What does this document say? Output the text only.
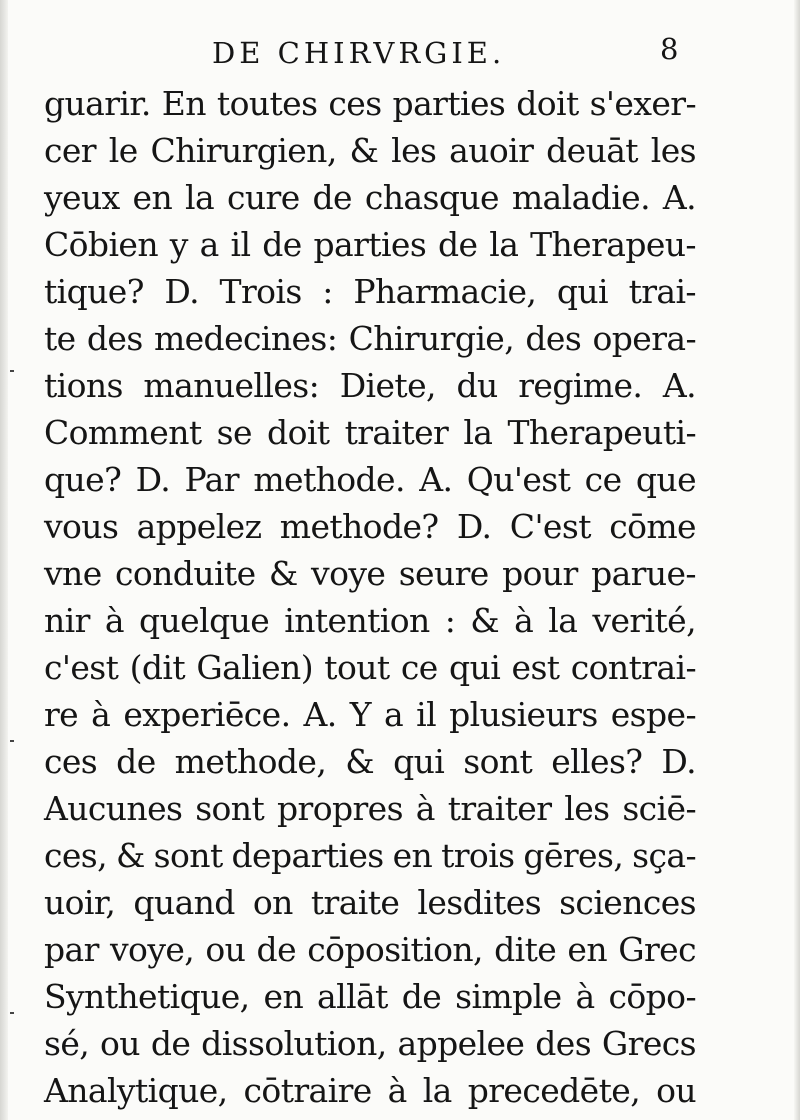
DE CHIRVRGIE.	8
guarir. En toutes ces parties doit s'exer-
cer le Chirurgien, & les auoir deuāt les
yeux en la cure de chasque maladie. A.
Cōbien y a il de parties de la Therapeu-
tique? D. Trois : Pharmacie, qui trai-
te des medecines: Chirurgie, des opera-
tions manuelles: Diete, du regime. A.
Comment se doit traiter la Therapeuti-
que? D. Par methode. A. Qu'est ce que
vous appelez methode? D. C'est cōme
vne conduite & voye seure pour parue-
nir à quelque intention : & à la verité,
c'est (dit Galien) tout ce qui est contrai-
re à experiēce. A. Y a il plusieurs espe-
ces de methode, & qui sont elles? D.
Aucunes sont propres à traiter les sciē-
ces, & sont departies en trois gēres, sça-
uoir, quand on traite lesdites sciences
par voye, ou de cōposition, dite en Grec
Synthetique, en allāt de simple à cōpo-
sé, ou de dissolution, appelee des Grecs
Analytique, cōtraire à la precedēte, ou
